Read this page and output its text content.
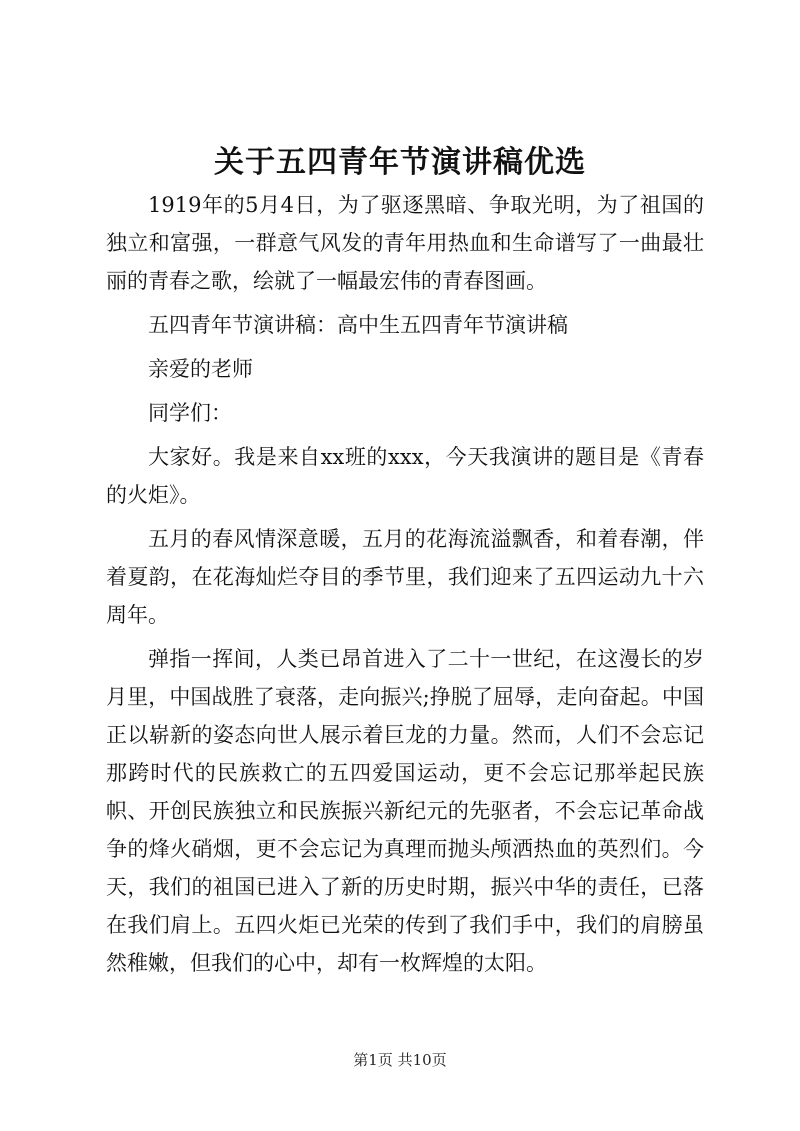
关于五四青年节演讲稿优选

1919年的5月4日，为了驱逐黑暗、争取光明，为了祖国的独立和富强，一群意气风发的青年用热血和生命谱写了一曲最壮丽的青春之歌，绘就了一幅最宏伟的青春图画。

五四青年节演讲稿：高中生五四青年节演讲稿

亲爱的老师

同学们：

大家好。我是来自xx班的xxx，今天我演讲的题目是《青春的火炬》。

五月的春风情深意暖，五月的花海流溢飘香，和着春潮，伴着夏韵，在花海灿烂夺目的季节里，我们迎来了五四运动九十六周年。

弹指一挥间，人类已昂首进入了二十一世纪，在这漫长的岁月里，中国战胜了衰落，走向振兴;挣脱了屈辱，走向奋起。中国正以崭新的姿态向世人展示着巨龙的力量。然而，人们不会忘记那跨时代的民族救亡的五四爱国运动，更不会忘记那举起民族帜、开创民族独立和民族振兴新纪元的先驱者，不会忘记革命战争的烽火硝烟，更不会忘记为真理而抛头颅洒热血的英烈们。今天，我们的祖国已进入了新的历史时期，振兴中华的责任，已落在我们肩上。五四火炬已光荣的传到了我们手中，我们的肩膀虽然稚嫩，但我们的心中，却有一枚辉煌的太阳。

第1页 共10页
